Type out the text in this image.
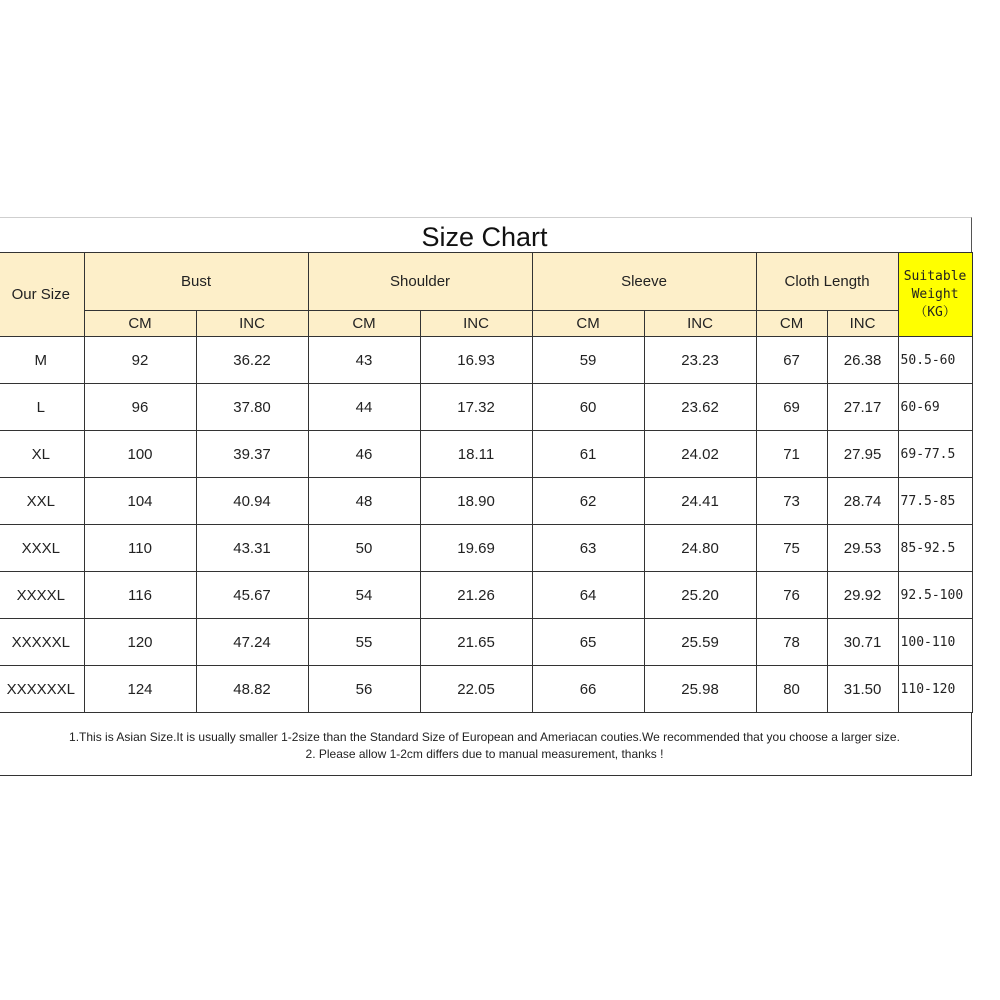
Size Chart
Our Size	Bust		Shoulder		Sleeve		Cloth Length		Suitable
Weight
（KG）

	CM	INC	CM	INC	CM	INC	CM	INC	
M	92	36.22	43	16.93	59	23.23	67	26.38	50.5-60
L	96	37.80	44	17.32	60	23.62	69	27.17	60-69
XL	100	39.37	46	18.11	61	24.02	71	27.95	69-77.5
XXL	104	40.94	48	18.90	62	24.41	73	28.74	77.5-85
XXXL	110	43.31	50	19.69	63	24.80	75	29.53	85-92.5
XXXXL	116	45.67	54	21.26	64	25.20	76	29.92	92.5-100
XXXXXL	120	47.24	55	21.65	65	25.59	78	30.71	100-110
XXXXXXL	124	48.82	56	22.05	66	25.98	80	31.50	110-120
1.This is Asian Size.It is usually smaller 1-2size than the Standard Size of European and Ameriacan couties.We recommended that you choose a larger size.
2. Please allow 1-2cm differs due to manual measurement, thanks !
